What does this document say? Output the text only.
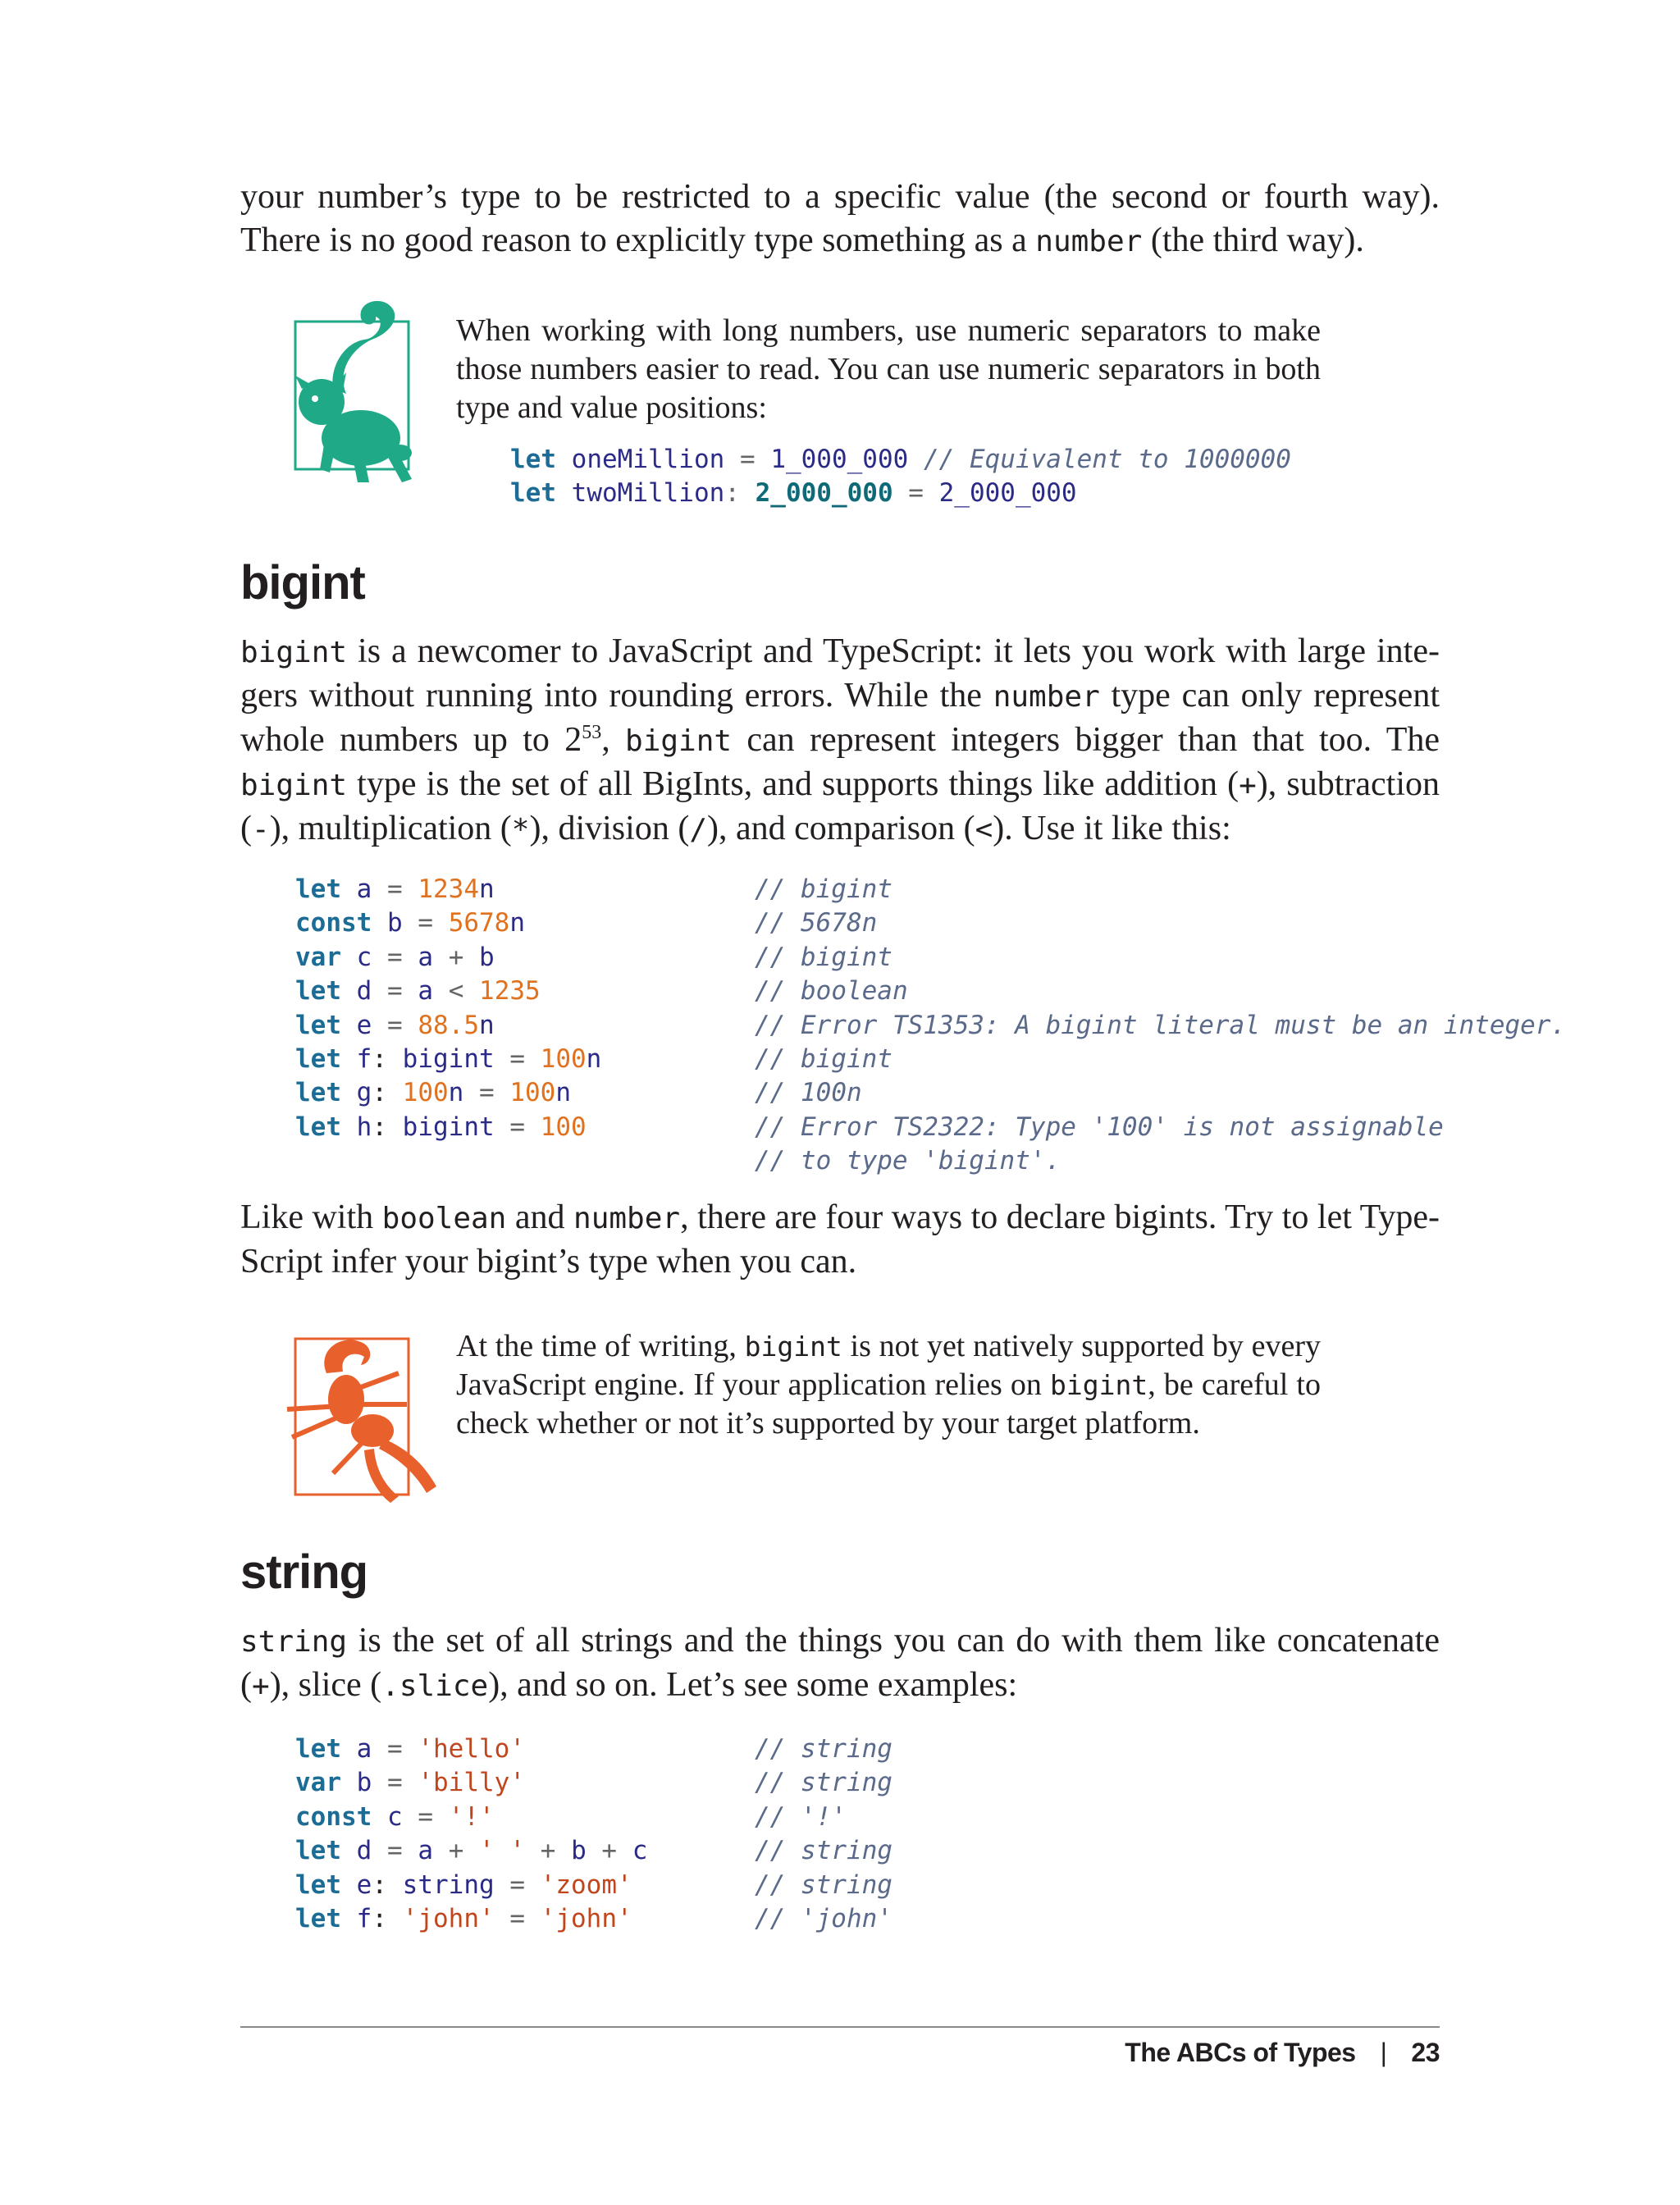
your number’s type to be restricted to a specific value (the second or fourth way).

There is no good reason to explicitly type something as a number (the third way).

When working with long numbers, use numeric separators to make those numbers easier to read. You can use numeric separators in both type and value positions:

let oneMillion = 1_000_000 // Equivalent to 1000000
let twoMillion: 2_000_000 = 2_000_000
bigint

bigint is a newcomer to JavaScript and TypeScript: it lets you work with large integers without running into rounding errors. While the number type can only represent whole numbers up to $2^{53}$, bigint can represent integers bigger than that too. The bigint type is the set of all BigInts, and supports things like addition (+), subtraction (-), multiplication (*), division (/), and comparison (<). Use it like this:

let a = 1234n	// bigint
const b = 5678n	// 5678n
var c = a + b	// bigint
let d = a < 1235	// boolean
let e = 88.5n	// Error TS1353: A bigint literal must be an integer.
let f: bigint = 100n	// bigint
let g: 100n = 100n	// 100n
let h: bigint = 100	// Error TS2322: Type '100' is not assignable
// to type 'bigint'.

Like with boolean and number, there are four ways to declare bigints. Try to let TypeScript infer your bigint’s type when you can.

At the time of writing, bigint is not yet natively supported by every JavaScript engine. If your application relies on bigint, be careful to check whether or not it’s supported by your target platform.

string

string is the set of all strings and the things you can do with them like concatenate (+), slice (.slice), and so on. Let’s see some examples:

let a = 'hello'	// string
var b = 'billy'	// string
const c = '!'	// '!'
let d = a + ' ' + b + c	// string
let e: string = 'zoom'	// string
let f: 'john' = 'john'	// 'john'
The ABCs of Types | 23
